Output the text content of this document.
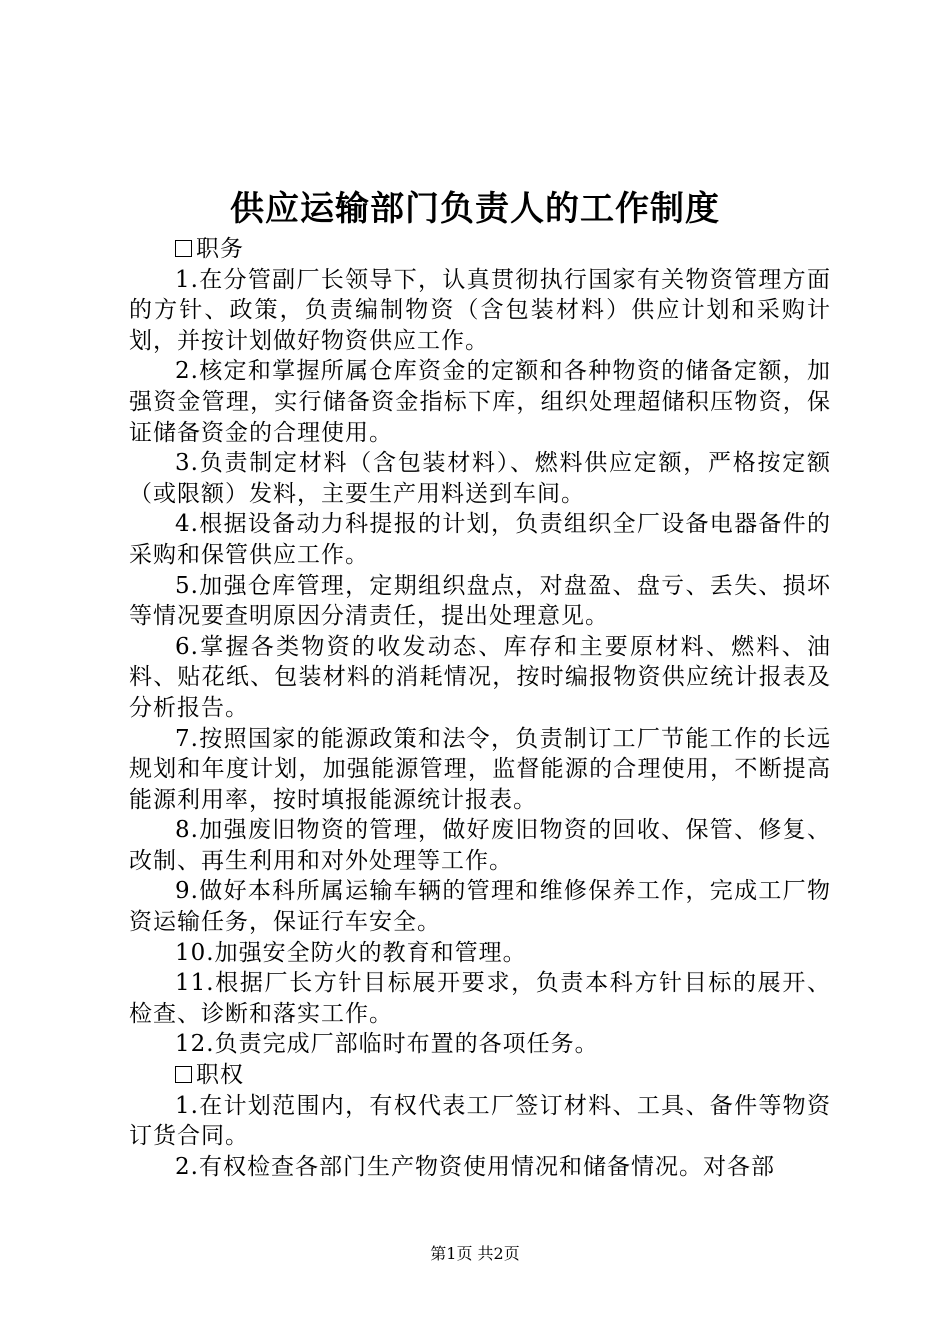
供应运输部门负责人的工作制度
职务

1.在分管副厂长领导下，认真贯彻执行国家有关物资管理方面的方针、政策，负责编制物资（含包装材料）供应计划和采购计划，并按计划做好物资供应工作。

2.核定和掌握所属仓库资金的定额和各种物资的储备定额，加强资金管理，实行储备资金指标下库，组织处理超储积压物资，保证储备资金的合理使用。

3.负责制定材料（含包装材料）、燃料供应定额，严格按定额（或限额）发料，主要生产用料送到车间。

4.根据设备动力科提报的计划，负责组织全厂设备电器备件的采购和保管供应工作。

5.加强仓库管理，定期组织盘点，对盘盈、盘亏、丢失、损坏等情况要查明原因分清责任，提出处理意见。

6.掌握各类物资的收发动态、库存和主要原材料、燃料、油料、贴花纸、包装材料的消耗情况，按时编报物资供应统计报表及分析报告。

7.按照国家的能源政策和法令，负责制订工厂节能工作的长远规划和年度计划，加强能源管理，监督能源的合理使用，不断提高能源利用率，按时填报能源统计报表。

8.加强废旧物资的管理，做好废旧物资的回收、保管、修复、改制、再生利用和对外处理等工作。

9.做好本科所属运输车辆的管理和维修保养工作，完成工厂物资运输任务，保证行车安全。

10.加强安全防火的教育和管理。

11.根据厂长方针目标展开要求，负责本科方针目标的展开、检查、诊断和落实工作。

12.负责完成厂部临时布置的各项任务。

职权

1.在计划范围内，有权代表工厂签订材料、工具、备件等物资订货合同。

2.有权检查各部门生产物资使用情况和储备情况。对各部

第1页 共2页
